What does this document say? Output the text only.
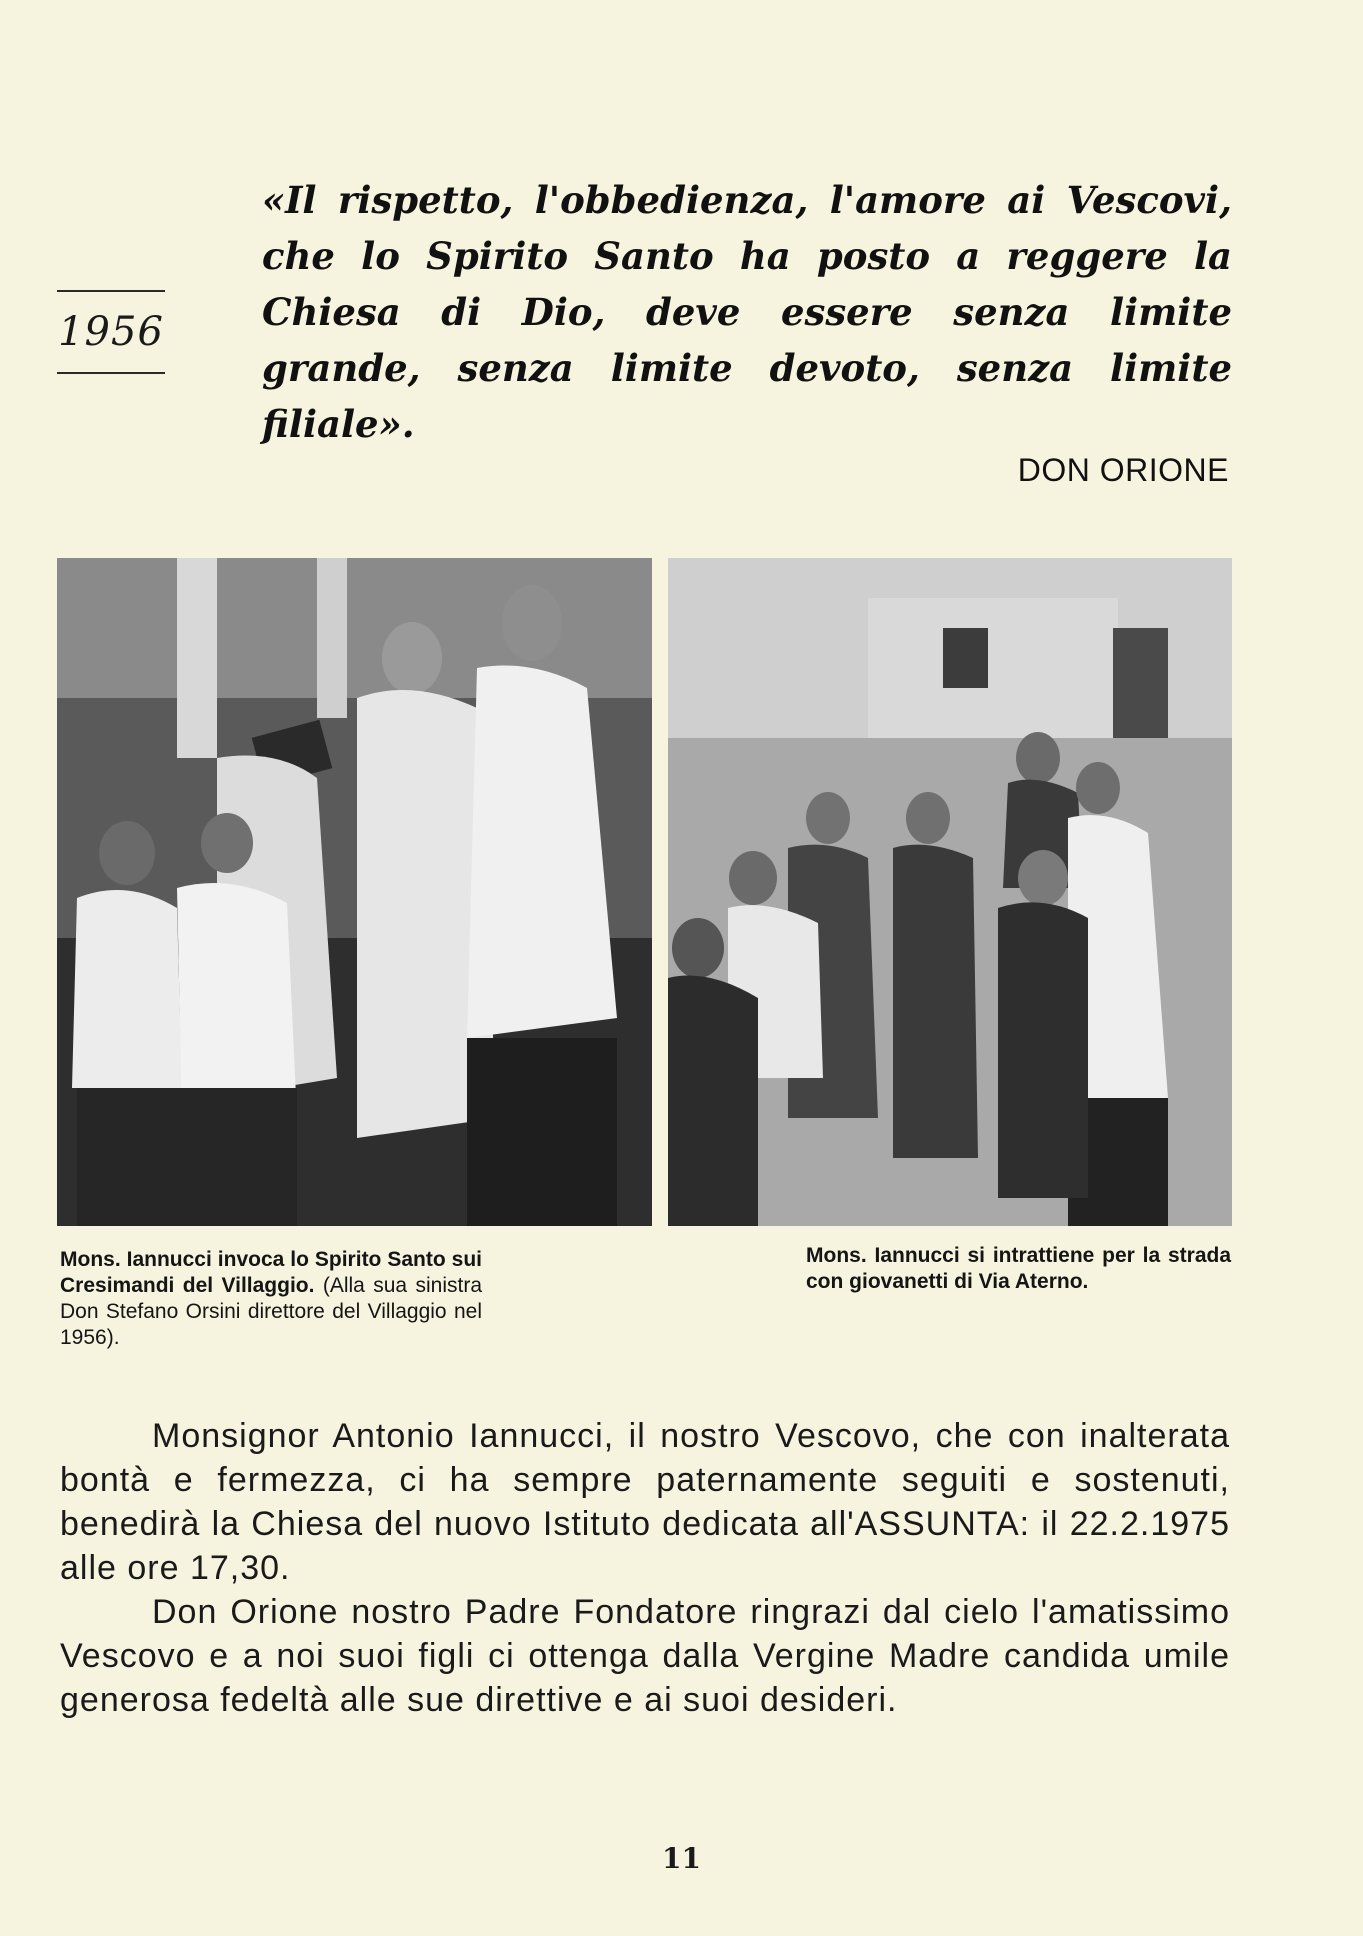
1956
«Il rispetto, l'obbedienza, l'amore ai Vescovi, che lo Spirito Santo ha posto a reggere la Chiesa di Dio, deve essere senza limite grande, senza limite devoto, senza limite filiale».
DON ORIONE
Mons. Iannucci invoca lo Spirito Santo sui Cresimandi del Villaggio. (Alla sua sinistra Don Stefano Orsini direttore del Villaggio nel 1956).
Mons. Iannucci si intrattiene per la strada con giovanetti di Via Aterno.

Monsignor Antonio Iannucci, il nostro Vescovo, che con inalterata bontà e fermezza, ci ha sempre paternamente seguiti e sostenuti, benedirà la Chiesa del nuovo Istituto dedicata all'ASSUNTA: il 22.2.1975 alle ore 17,30.

Don Orione nostro Padre Fondatore ringrazi dal cielo l'amatissimo Vescovo e a noi suoi figli ci ottenga dalla Vergine Madre candida umile generosa fedeltà alle sue direttive e ai suoi desideri.

11
